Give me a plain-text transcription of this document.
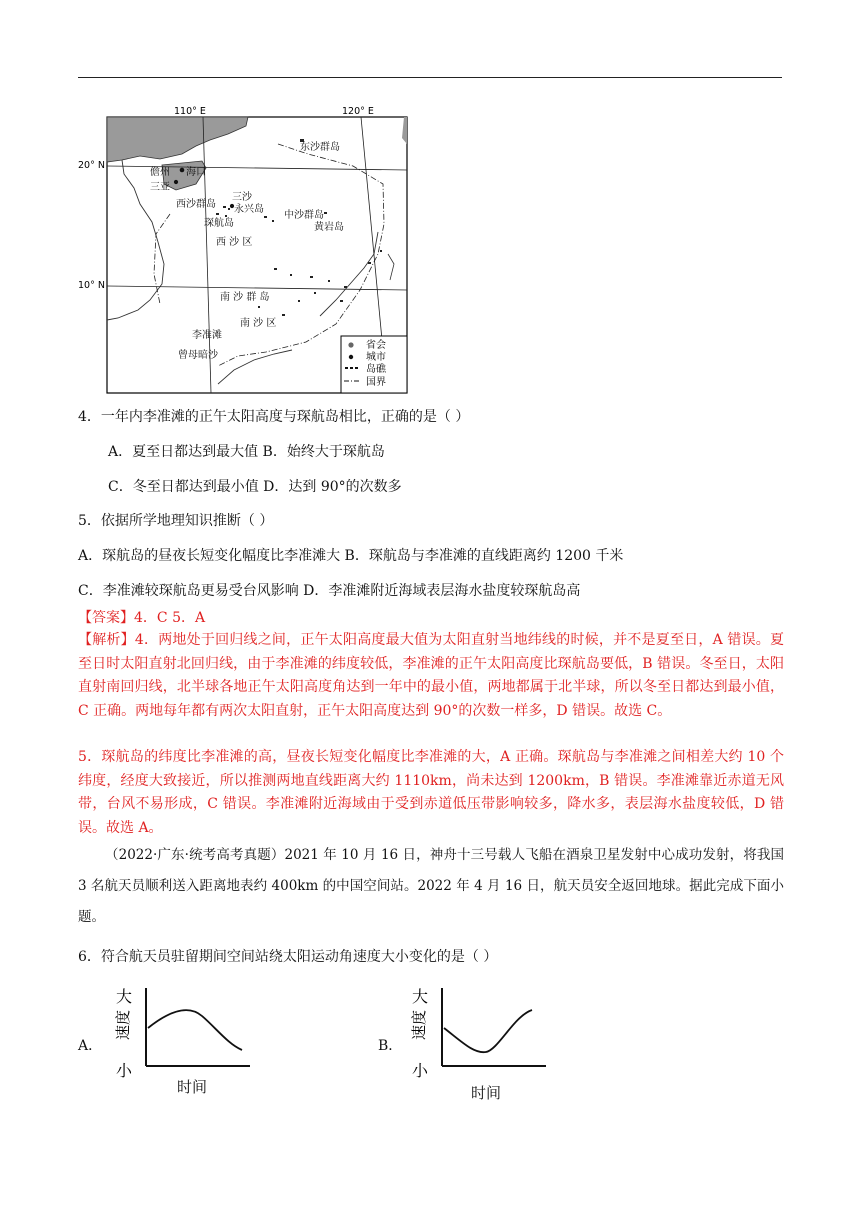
110° E	120° E
20° N
10° N
东沙群岛
儋州 海口
三亚
三沙
永兴岛
西沙群岛
中沙群岛
琛航岛	黄岩岛
西 沙 区
南 沙 群 岛
南 沙 区
李准滩
曾母暗沙
省会
城市
岛礁
国界
4．一年内李准滩的正午太阳高度与琛航岛相比，正确的是（ ）
A．夏至日都达到最大值 B．始终大于琛航岛
C．冬至日都达到最小值 D．达到 90°的次数多
5．依据所学地理知识推断（ ）
A．琛航岛的昼夜长短变化幅度比李准滩大 B．琛航岛与李准滩的直线距离约 1200 千米
C．李准滩较琛航岛更易受台风影响 D．李准滩附近海域表层海水盐度较琛航岛高
【答案】4．C 5．A
【解析】4．两地处于回归线之间，正午太阳高度最大值为太阳直射当地纬线的时候，并不是夏至日，A 错误。夏至日时太阳直射北回归线，由于李准滩的纬度较低，李准滩的正午太阳高度比琛航岛要低，B 错误。冬至日，太阳直射南回归线，北半球各地正午太阳高度角达到一年中的最小值，两地都属于北半球，所以冬至日都达到最小值，C 正确。两地每年都有两次太阳直射，正午太阳高度达到 90°的次数一样多，D 错误。故选 C。
5．琛航岛的纬度比李准滩的高，昼夜长短变化幅度比李准滩的大，A 正确。琛航岛与李准滩之间相差大约 10 个纬度，经度大致接近，所以推测两地直线距离大约 1110km，尚未达到 1200km，B 错误。李准滩靠近赤道无风带，台风不易形成，C 错误。李准滩附近海域由于受到赤道低压带影响较多，降水多，表层海水盐度较低，D 错误。故选 A。
（2022·广东·统考高考真题）2021 年 10 月 16 日，神舟十三号载人飞船在酒泉卫星发射中心成功发射，将我国 3 名航天员顺利送入距离地表约 400km 的中国空间站。2022 年 4 月 16 日，航天员安全返回地球。据此完成下面小题。
6．符合航天员驻留期间空间站绕太阳运动角速度大小变化的是（ ）
A．
大
小
速度
时间
B．
大
小
速度
时间
